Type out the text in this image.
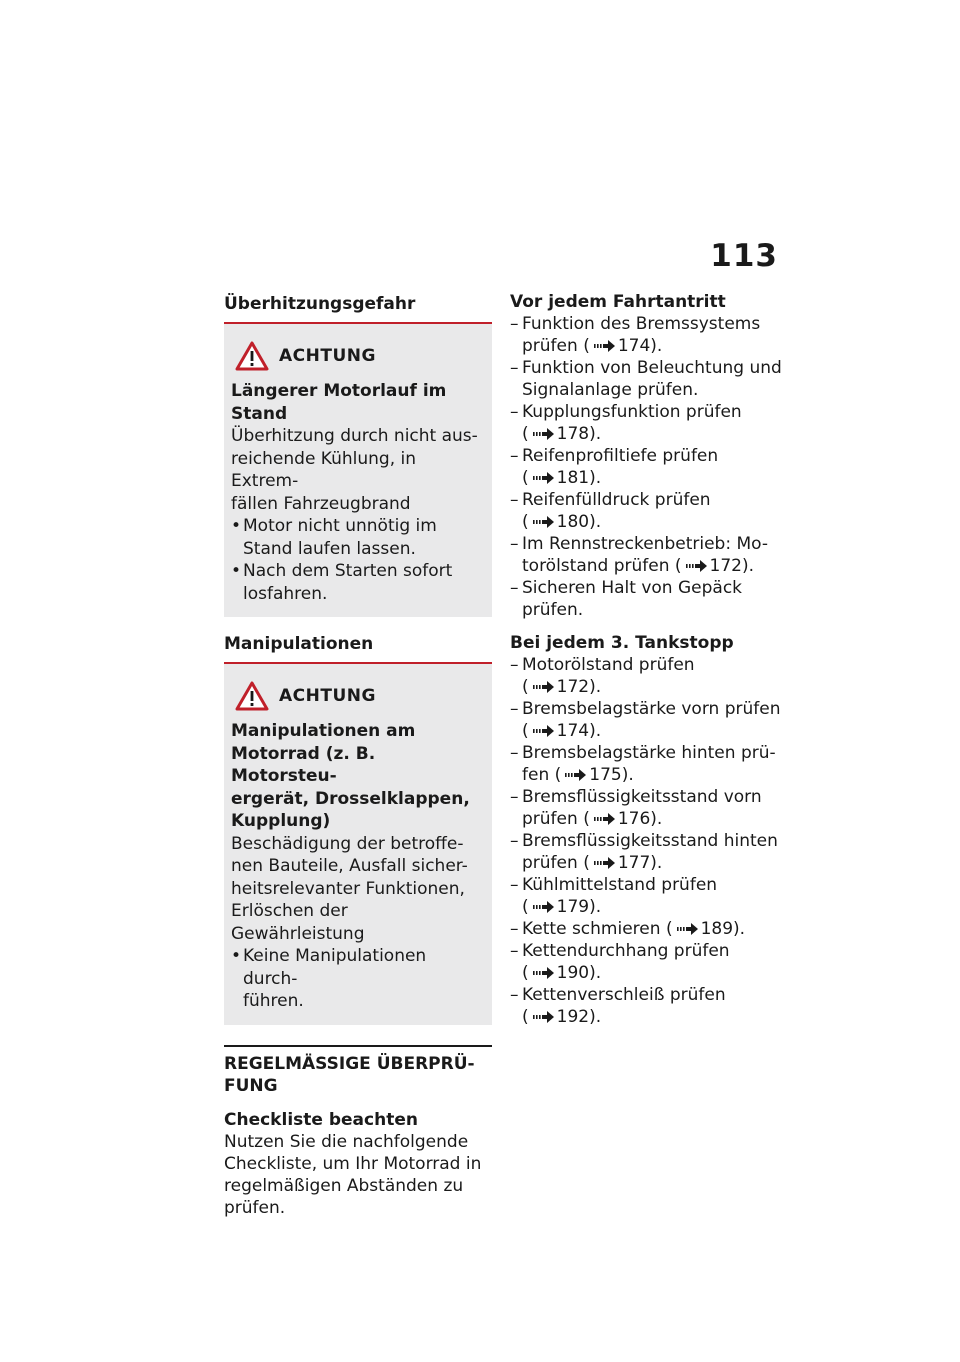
113
Überhitzungsgefahr
ACHTUNG
Längerer Motorlauf im Stand
Überhitzung durch nicht aus-
reichende Kühlung, in Extrem-
fällen Fahrzeugbrand
• Motor nicht unnötig im
Stand laufen lassen.
• Nach dem Starten sofort
losfahren.
Manipulationen
ACHTUNG
Manipulationen am
Motorrad (z. B. Motorsteu-
ergerät, Drosselklappen,
Kupplung)
Beschädigung der betroffe-
nen Bauteile, Ausfall sicher-
heitsrelevanter Funktionen,
Erlöschen der Gewährleistung
• Keine Manipulationen durch-
führen.
REGELMÄSSIGE ÜBERPRÜ-
FUNG
Checkliste beachten
Nutzen Sie die nachfolgende
Checkliste, um Ihr Motorrad in
regelmäßigen Abständen zu
prüfen.
Vor jedem Fahrtantritt
– Funktion des Bremssystems
prüfen ( 174).
– Funktion von Beleuchtung und
Signalanlage prüfen.
– Kupplungsfunktion prüfen
( 178).
– Reifenprofiltiefe prüfen
( 181).
– Reifenfülldruck prüfen
( 180).
– Im Rennstreckenbetrieb: Mo-
torölstand prüfen ( 172).
– Sicheren Halt von Gepäck
prüfen.
Bei jedem 3. Tankstopp
– Motorölstand prüfen
( 172).
– Bremsbelagstärke vorn prüfen
( 174).
– Bremsbelagstärke hinten prü-
fen ( 175).
– Bremsflüssigkeitsstand vorn
prüfen ( 176).
– Bremsflüssigkeitsstand hinten
prüfen ( 177).
– Kühlmittelstand prüfen
( 179).
– Kette schmieren ( 189).
– Kettendurchhang prüfen
( 190).
– Kettenverschleiß prüfen
( 192).
